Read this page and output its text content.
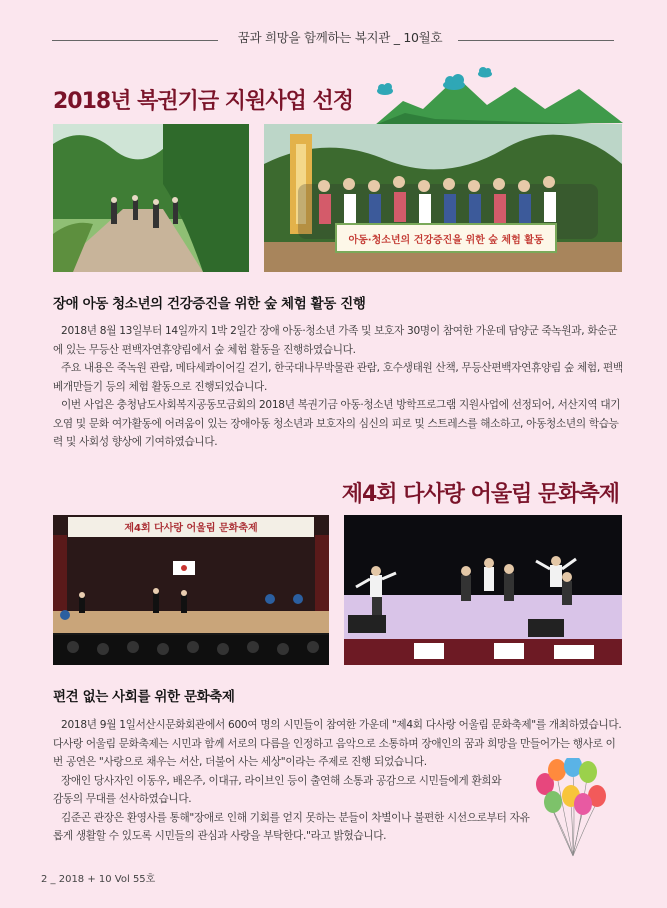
꿈과 희망을 함께하는 복지관 _ 10월호
2018년 복권기금 지원사업 선정
아동·청소년의 건강증진을 위한 숲 체험 활동
장애 아동 청소년의 건강증진을 위한 숲 체험 활동 진행

2018년 8월 13일부터 14일까지 1박 2일간 장애 아동·청소년 가족 및 보호자 30명이 참여한 가운데 담양군 죽녹원과, 화순군에 있는 무등산 편백자연휴양림에서 숲 체험 활동을 진행하였습니다.

주요 내용은 죽녹원 관람, 메타세콰이어길 걷기, 한국대나무박물관 관람, 호수생태원 산책, 무등산편백자연휴양림 숲 체험, 편백베개만들기 등의 체험 활동으로 진행되었습니다.

이번 사업은 충청남도사회복지공동모금회의 2018년 복권기금 아동·청소년 방학프로그램 지원사업에 선정되어, 서산지역 대기오염 및 문화 여가활동에 어려움이 있는 장애아동 청소년과 보호자의 심신의 피로 및 스트레스를 해소하고, 아동청소년의 학습능력 및 사회성 향상에 기여하였습니다.

제4회 다사랑 어울림 문화축제
제4회 다사랑 어울림 문화축제
편견 없는 사회를 위한 문화축제

2018년 9월 1일서산시문화회관에서 600여 명의 시민들이 참여한 가운데 "제4회 다사랑 어울림 문화축제"를 개최하였습니다. 다사랑 어울림 문화축제는 시민과 함께 서로의 다름을 인정하고 음악으로 소통하며 장애인의 꿈과 희망을 만들어가는 행사로 이번 공연은 "사랑으로 채우는 서산, 더불어 사는 세상"이라는 주제로 진행 되었습니다.

장애인 당사자인 이동우, 배은주, 이대규, 라이브인 등이 출연해 소통과 공감으로 시민들에게 환희와 감동의 무대를 선사하였습니다.

김준곤 관장은 환영사를 통해"장애로 인해 기회를 얻지 못하는 분들이 차별이나 불편한 시선으로부터 자유롭게 생활할 수 있도록 시민들의 관심과 사랑을 부탁한다."라고 밝혔습니다.

2 _ 2018 + 10 Vol 55호
